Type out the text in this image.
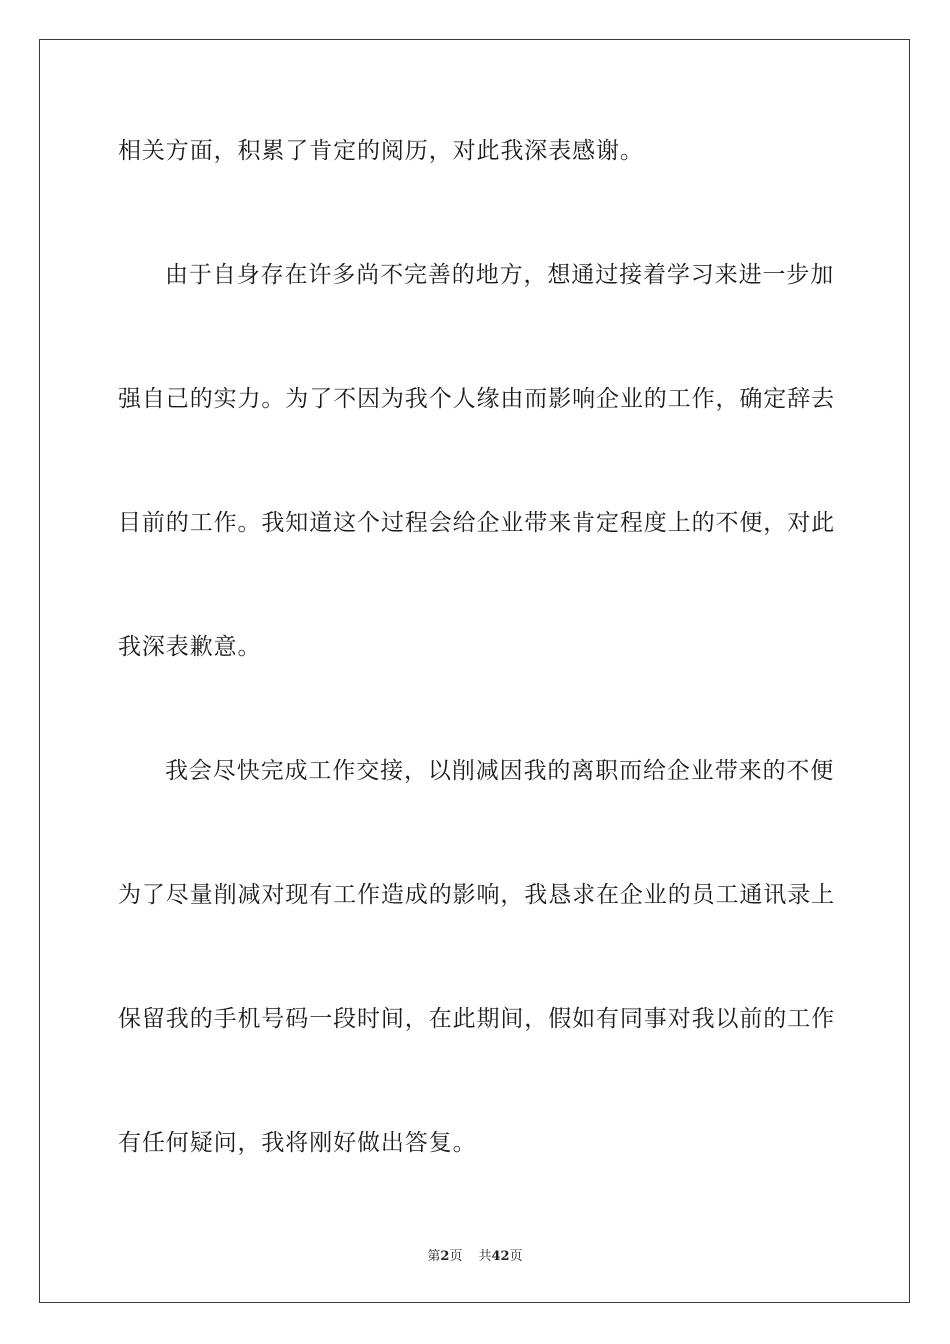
相关方面，积累了肯定的阅历，对此我深表感谢。
由于自身存在许多尚不完善的地方，想通过接着学习来进一步加
强自己的实力。为了不因为我个人缘由而影响企业的工作，确定辞去
目前的工作。我知道这个过程会给企业带来肯定程度上的不便，对此
我深表歉意。
我会尽快完成工作交接，以削减因我的离职而给企业带来的不便
为了尽量削减对现有工作造成的影响，我恳求在企业的员工通讯录上
保留我的手机号码一段时间，在此期间，假如有同事对我以前的工作
有任何疑问，我将刚好做出答复。
第2页 共42页
